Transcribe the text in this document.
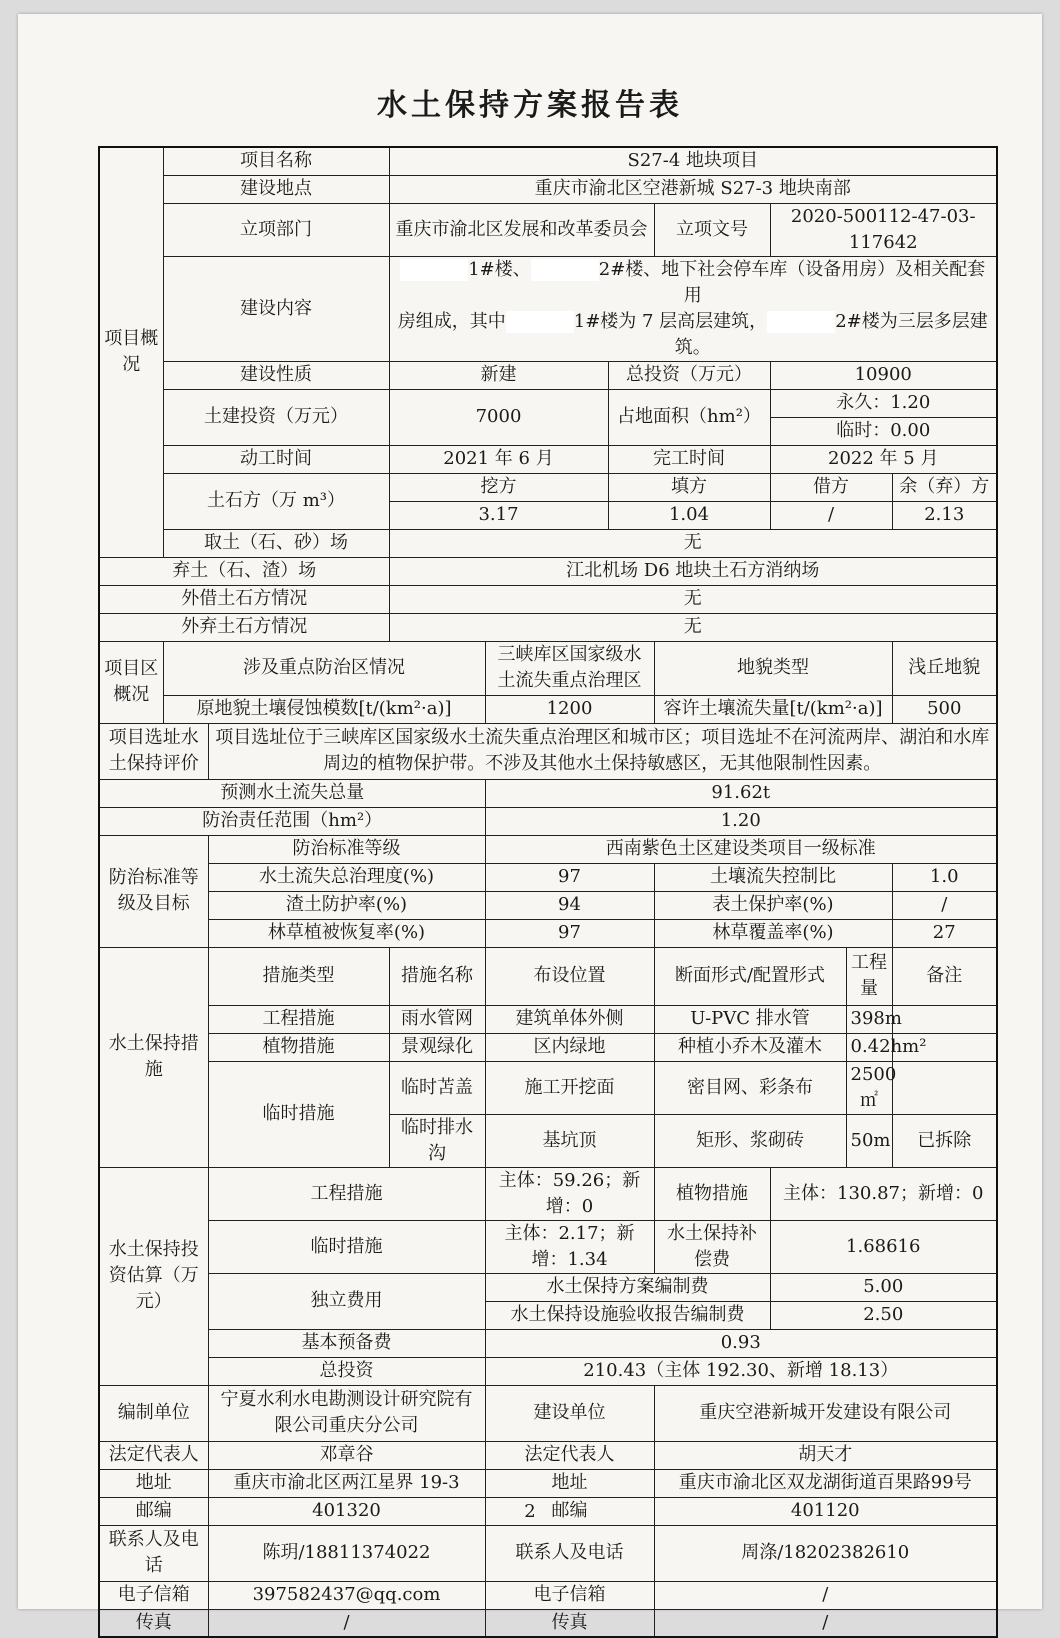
水土保持方案报告表
项目概况	项目名称		S27-4 地块项目						
	建设地点		重庆市渝北区空港新城 S27-3 地块南部						
	立项部门		重庆市渝北区发展和改革委员会			立项文号	2020-500112-47-03-117642		
	建设内容		1#楼、 2#楼、地下社会停车库（设备用房）及相关配套用
房组成，其中 1#楼为 7 层高层建筑， 2#楼为三层多层建筑。						
	建设性质		新建		总投资（万元）		10900		
	土建投资（万元）		7000		占地面积（hm²）		永久：1.20		
							临时：0.00		
	动工时间		2021 年 6 月		完工时间		2022 年 5 月		
	土石方（万 m³）		挖方		填方		借方		余（弃）方
			3.17		1.04		/		2.13
	取土（石、砂）场		无						
弃土（石、渣）场			江北机场 D6 地块土石方消纳场						
外借土石方情况			无						
外弃土石方情况			无						
项目区概况	涉及重点防治区情况			三峡库区国家级水土流失重点治理区		地貌类型			浅丘地貌
	原地貌土壤侵蚀模数[t/(km²·a)]			1200		容许土壤流失量[t/(km²·a)]			500
项目选址水土保持评价		项目选址位于三峡库区国家级水土流失重点治理区和城市区；项目选址不在河流两岸、湖泊和水库周边的植物保护带。不涉及其他水土保持敏感区，无其他限制性因素。							
预测水土流失总量				91.62t					
防治责任范围（hm²）				1.20					
防治标准等级及目标		防治标准等级		西南紫色土区建设类项目一级标准					
		水土流失总治理度(%)		97		土壤流失控制比			1.0
		渣土防护率(%)		94		表土保护率(%)			/
		林草植被恢复率(%)		97		林草覆盖率(%)			27
水土保持措施		措施类型	措施名称	布设位置		断面形式/配置形式		工程量	备注
		工程措施	雨水管网	建筑单体外侧		U-PVC 排水管		398m	
		植物措施	景观绿化	区内绿地		种植小乔木及灌木		0.42hm²	
		临时措施	临时苫盖	施工开挖面		密目网、彩条布		2500 ㎡	
			临时排水沟	基坑顶		矩形、浆砌砖		50m	已拆除
水土保持投资估算（万元）		工程措施		主体：59.26；新增：0		植物措施	主体：130.87；新增：0		
		临时措施		主体：2.17；新增：1.34		水土保持补偿费	1.68616		
		独立费用		水土保持方案编制费			5.00		
				水土保持设施验收报告编制费			2.50		
		基本预备费		0.93					
		总投资		210.43（主体 192.30、新增 18.13）					
编制单位		宁夏水利水电勘测设计研究院有限公司重庆分公司		建设单位		重庆空港新城开发建设有限公司			
法定代表人		邓章谷		法定代表人		胡天才			
地址		重庆市渝北区两江星界 19-3		地址		重庆市渝北区双龙湖街道百果路99号			
邮编		401320		邮编		401120			
联系人及电话		陈玥/18811374022		联系人及电话		周涤/18202382610			
电子信箱		397582437@qq.com		电子信箱		/			
传真		/		传真		/			
2
